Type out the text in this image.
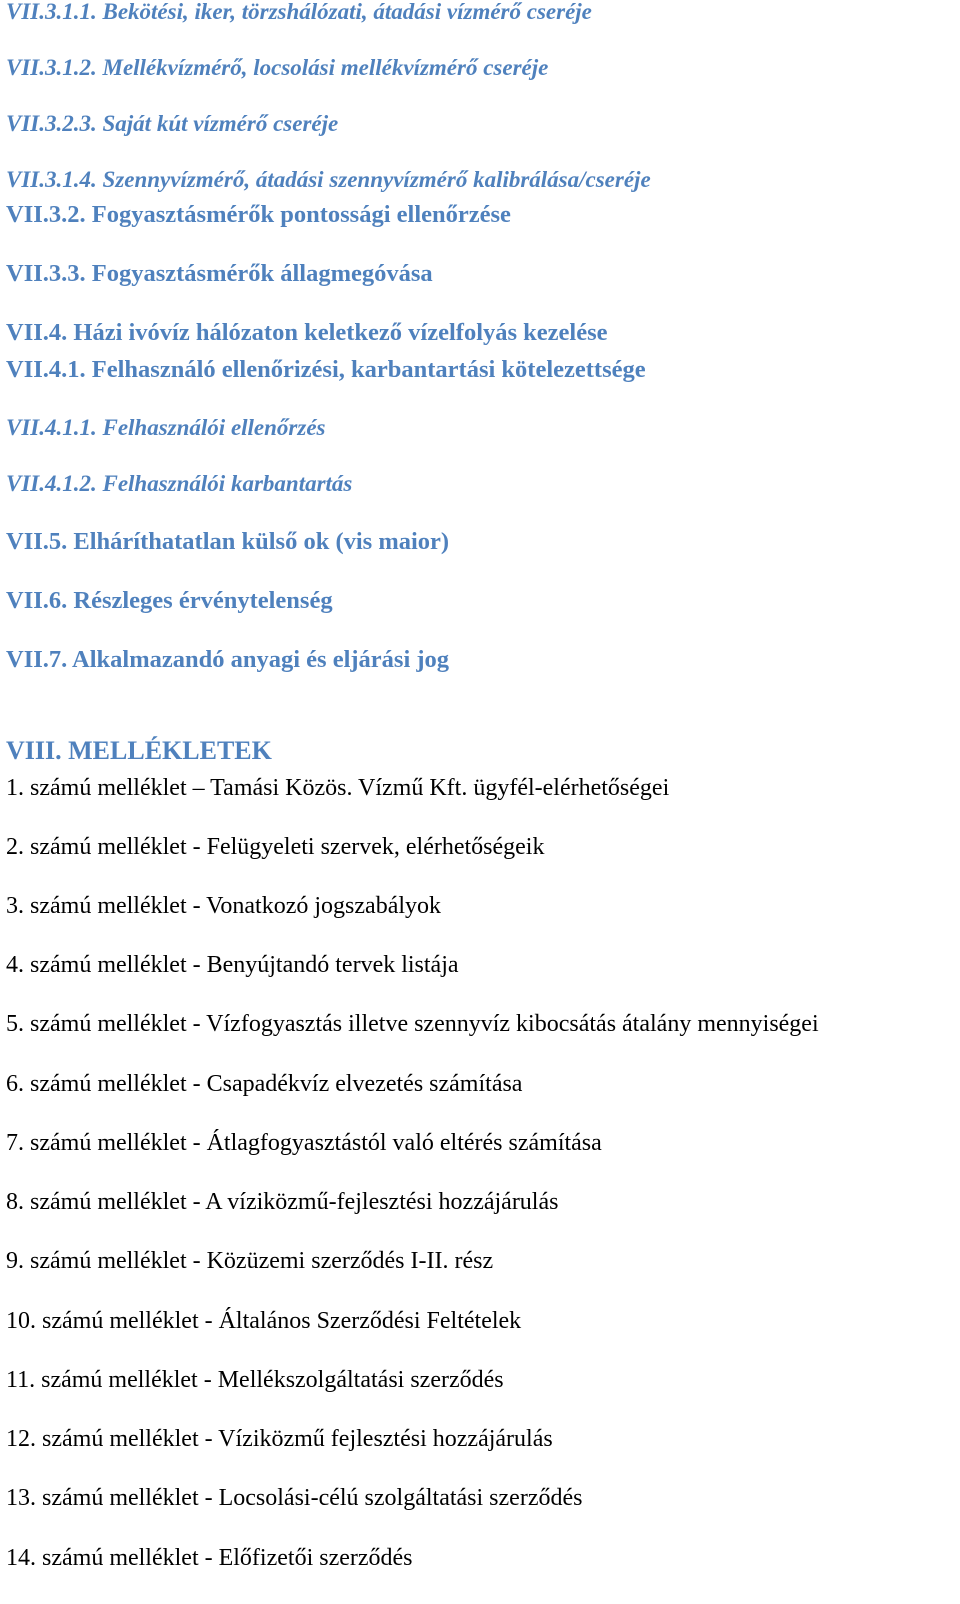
VII.3.1.1. Bekötési, iker, törzshálózati, átadási vízmérő cseréje
VII.3.1.2. Mellékvízmérő, locsolási mellékvízmérő cseréje
VII.3.2.3. Saját kút vízmérő cseréje
VII.3.1.4. Szennyvízmérő, átadási szennyvízmérő kalibrálása/cseréje
VII.3.2. Fogyasztásmérők pontossági ellenőrzése
VII.3.3. Fogyasztásmérők állagmegóvása
VII.4. Házi ivóvíz hálózaton keletkező vízelfolyás kezelése
VII.4.1. Felhasználó ellenőrizési, karbantartási kötelezettsége
VII.4.1.1. Felhasználói ellenőrzés
VII.4.1.2. Felhasználói karbantartás
VII.5. Elháríthatatlan külső ok (vis maior)
VII.6. Részleges érvénytelenség
VII.7. Alkalmazandó anyagi és eljárási jog
VIII. MELLÉKLETEK
1. számú melléklet – Tamási Közös. Vízmű Kft. ügyfél-elérhetőségei
2. számú melléklet - Felügyeleti szervek, elérhetőségeik
3. számú melléklet - Vonatkozó jogszabályok
4. számú melléklet - Benyújtandó tervek listája
5. számú melléklet - Vízfogyasztás illetve szennyvíz kibocsátás átalány mennyiségei
6. számú melléklet - Csapadékvíz elvezetés számítása
7. számú melléklet - Átlagfogyasztástól való eltérés számítása
8. számú melléklet - A víziközmű-fejlesztési hozzájárulás
9. számú melléklet - Közüzemi szerződés I-II. rész
10. számú melléklet - Általános Szerződési Feltételek
11. számú melléklet - Mellékszolgáltatási szerződés
12. számú melléklet - Víziközmű fejlesztési hozzájárulás
13. számú melléklet - Locsolási-célú szolgáltatási szerződés
14. számú melléklet - Előfizetői szerződés
